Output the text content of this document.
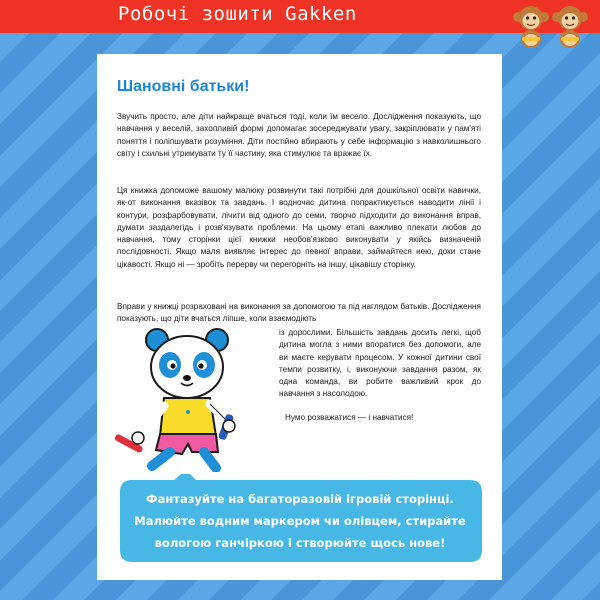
Робочі зошити Gakken
Шановні батьки!
Звучить просто, але діти найкраще вчаться тоді, коли їм весело. Дослідження показують, що навчання у веселій, захопливій формі допомагає зосереджувати увагу, закріплювати у пам'яті поняття і поліпшувати розуміння. Діти постійно вбирають у себе інформацію з навколишнього світу і схильні утримувати ту її частину, яка стимулює та вражає їх.
Ця книжка допоможе вашому малюку розвинути такі потрібні для дошкільної освіти навички, як-от виконання вказівок та завдань. І водночас дитина попрактикується наводити лінії і контури, розфарбовувати, лічити від одного до семи, творчо підходити до виконання вправ, думати заздалегідь і розв'язувати проблеми. На цьому етапі важливо плекати любов до навчання, тому сторінки цієї книжки необов'язково виконувати у якійсь визначеній послідовності. Якщо маля виявляє інтерес до певної вправи, займайтеся нею, доки стане цікавості. Якщо ні — зробіть перерву чи перегорніть на іншу, цікавішу сторінку.
Вправи у книжці розраховані на виконання за допомогою та під наглядом батьків. Дослідження показують, що діти вчаться ліпше, коли взаємодіють
із дорослими. Більшість завдань досить легкі, щоб дитина могла з ними впоратися без допомоги, але ви маєте керувати процесом. У кожної дитини свої темпи розвитку, і, виконуючи завдання разом, як одна команда, ви робите важливий крок до навчання з насолодою.
Нумо розважатися — і навчатися!
Фантазуйте на багаторазовій ігровій сторінці.
Малюйте водним маркером чи олівцем, стирайте
вологою ганчіркою і створюйте щось нове!
